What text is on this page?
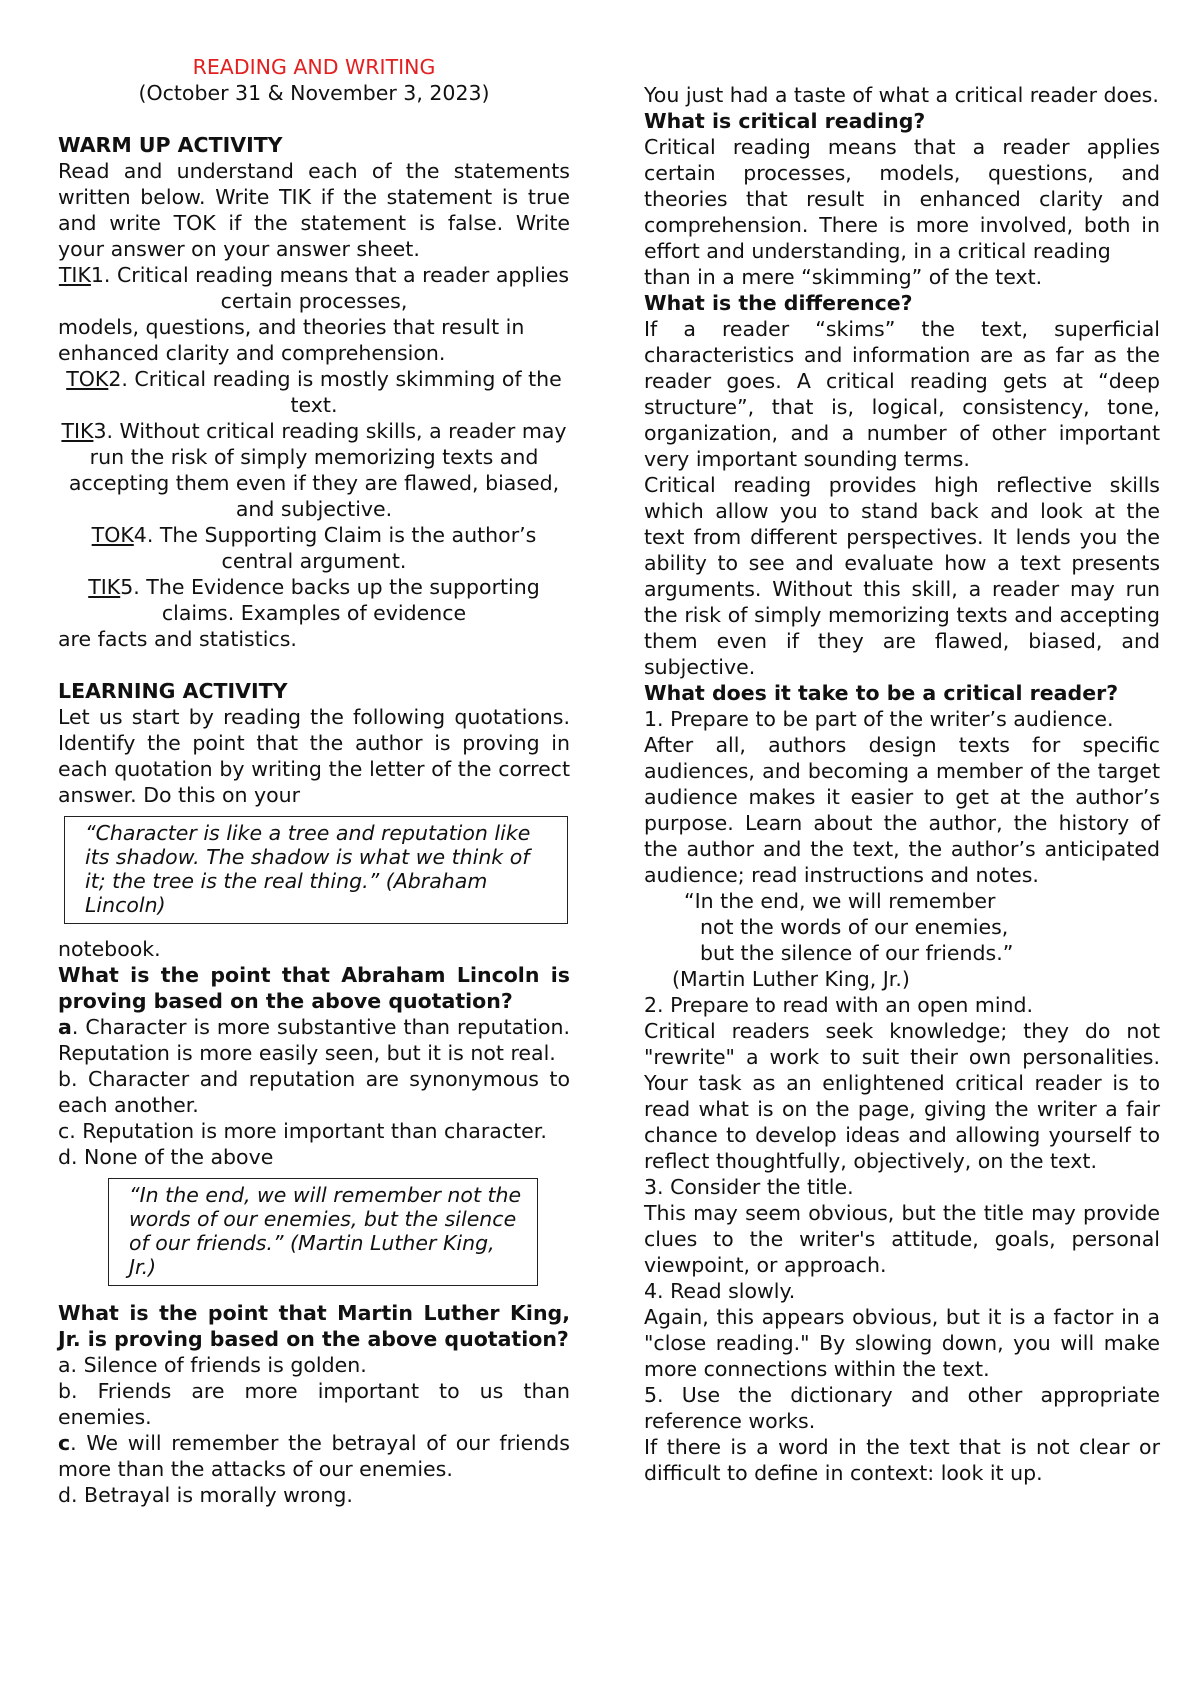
READING AND WRITING

(October 31 & November 3, 2023)

WARM UP ACTIVITY

Read and understand each of the statements written below. Write TIK if the statement is true and write TOK if the statement is false. Write your answer on your answer sheet.

TIK1. Critical reading means that a reader applies certain processes,

models, questions, and theories that result in enhanced clarity and comprehension.

TOK2. Critical reading is mostly skimming of the text.

TIK3. Without critical reading skills, a reader may run the risk of simply memorizing texts and accepting them even if they are flawed, biased, and subjective.

TOK4. The Supporting Claim is the author’s central argument.

TIK5. The Evidence backs up the supporting claims. Examples of evidence

are facts and statistics.

LEARNING ACTIVITY

Let us start by reading the following quotations. Identify the point that the author is proving in each quotation by writing the letter of the correct answer. Do this on your

“Character is like a tree and reputation like its shadow. The shadow is what we think of it; the tree is the real thing.” (Abraham Lincoln)

notebook.

What is the point that Abraham Lincoln is proving based on the above quotation?

a. Character is more substantive than reputation. Reputation is more easily seen, but it is not real.

b. Character and reputation are synonymous to each another.

c. Reputation is more important than character.

d. None of the above

“In the end, we will remember not the words of our enemies, but the silence of our friends.” (Martin Luther King, Jr.)

What is the point that Martin Luther King, Jr. is proving based on the above quotation?

a. Silence of friends is golden.

b. Friends are more important to us than enemies.

c. We will remember the betrayal of our friends more than the attacks of our enemies.

d. Betrayal is morally wrong.

You just had a taste of what a critical reader does. What is critical reading?

Critical reading means that a reader applies certain processes, models, questions, and theories that result in enhanced clarity and comprehension. There is more involved, both in effort and understanding, in a critical reading

than in a mere “skimming” of the text.

What is the difference?

If a reader “skims” the text, superficial characteristics and information are as far as the reader goes. A critical reading gets at “deep structure”, that is, logical, consistency, tone, organization, and a number of other important very important sounding terms.

Critical reading provides high reflective skills which allow you to stand back and look at the text from different perspectives. It lends you the ability to see and evaluate how a text presents arguments. Without this skill, a reader may run the risk of simply memorizing texts and accepting them even if they are flawed, biased, and subjective.

What does it take to be a critical reader?

1. Prepare to be part of the writer’s audience.

After all, authors design texts for specific audiences, and becoming a member of the target audience makes it easier to get at the author’s purpose. Learn about the author, the history of the author and the text, the author’s anticipated audience; read instructions and notes.

“In the end, we will remember

not the words of our enemies,

but the silence of our friends.”

(Martin Luther King, Jr.)

2. Prepare to read with an open mind.

Critical readers seek knowledge; they do not "rewrite" a work to suit their own personalities. Your task as an enlightened critical reader is to read what is on the page, giving the writer a fair chance to develop ideas and allowing yourself to reflect thoughtfully, objectively, on the text.

3. Consider the title.

This may seem obvious, but the title may provide clues to the writer's attitude, goals, personal viewpoint, or approach.

4. Read slowly.

Again, this appears obvious, but it is a factor in a "close reading." By slowing down, you will make more connections within the text.

5. Use the dictionary and other appropriate reference works.

If there is a word in the text that is not clear or difficult to define in context: look it up.
